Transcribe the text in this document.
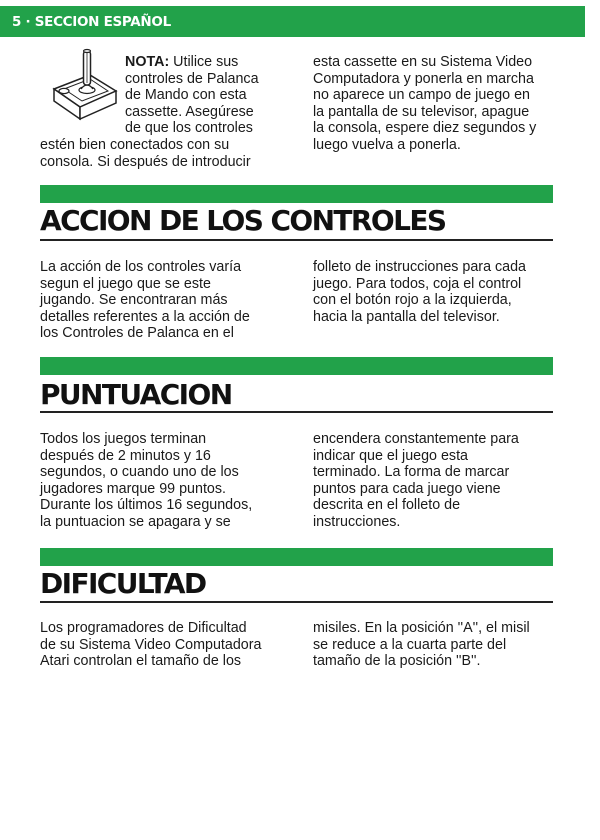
5 · SECCION ESPAÑOL
NOTA: Utilice sus
controles de Palanca
de Mando con esta
cassette. Asegúrese
de que los controles
estén bien conectados con su
consola. Si después de introducir
esta cassette en su Sistema Video
Computadora y ponerla en marcha
no aparece un campo de juego en
la pantalla de su televisor, apague
la consola, espere diez segundos y
luego vuelva a ponerla.
ACCION DE LOS CONTROLES
La acción de los controles varía
segun el juego que se este
jugando. Se encontraran más
detalles referentes a la acción de
los Controles de Palanca en el
folleto de instrucciones para cada
juego. Para todos, coja el control
con el botón rojo a la izquierda,
hacia la pantalla del televisor.
PUNTUACION
Todos los juegos terminan
después de 2 minutos y 16
segundos, o cuando uno de los
jugadores marque 99 puntos.
Durante los últimos 16 segundos,
la puntuacion se apagara y se
encendera constantemente para
indicar que el juego esta
terminado. La forma de marcar
puntos para cada juego viene
descrita en el folleto de
instrucciones.
DIFICULTAD
Los programadores de Dificultad
de su Sistema Video Computadora
Atari controlan el tamaño de los
misiles. En la posición ''A'', el misil
se reduce a la cuarta parte del
tamaño de la posición ''B''.
